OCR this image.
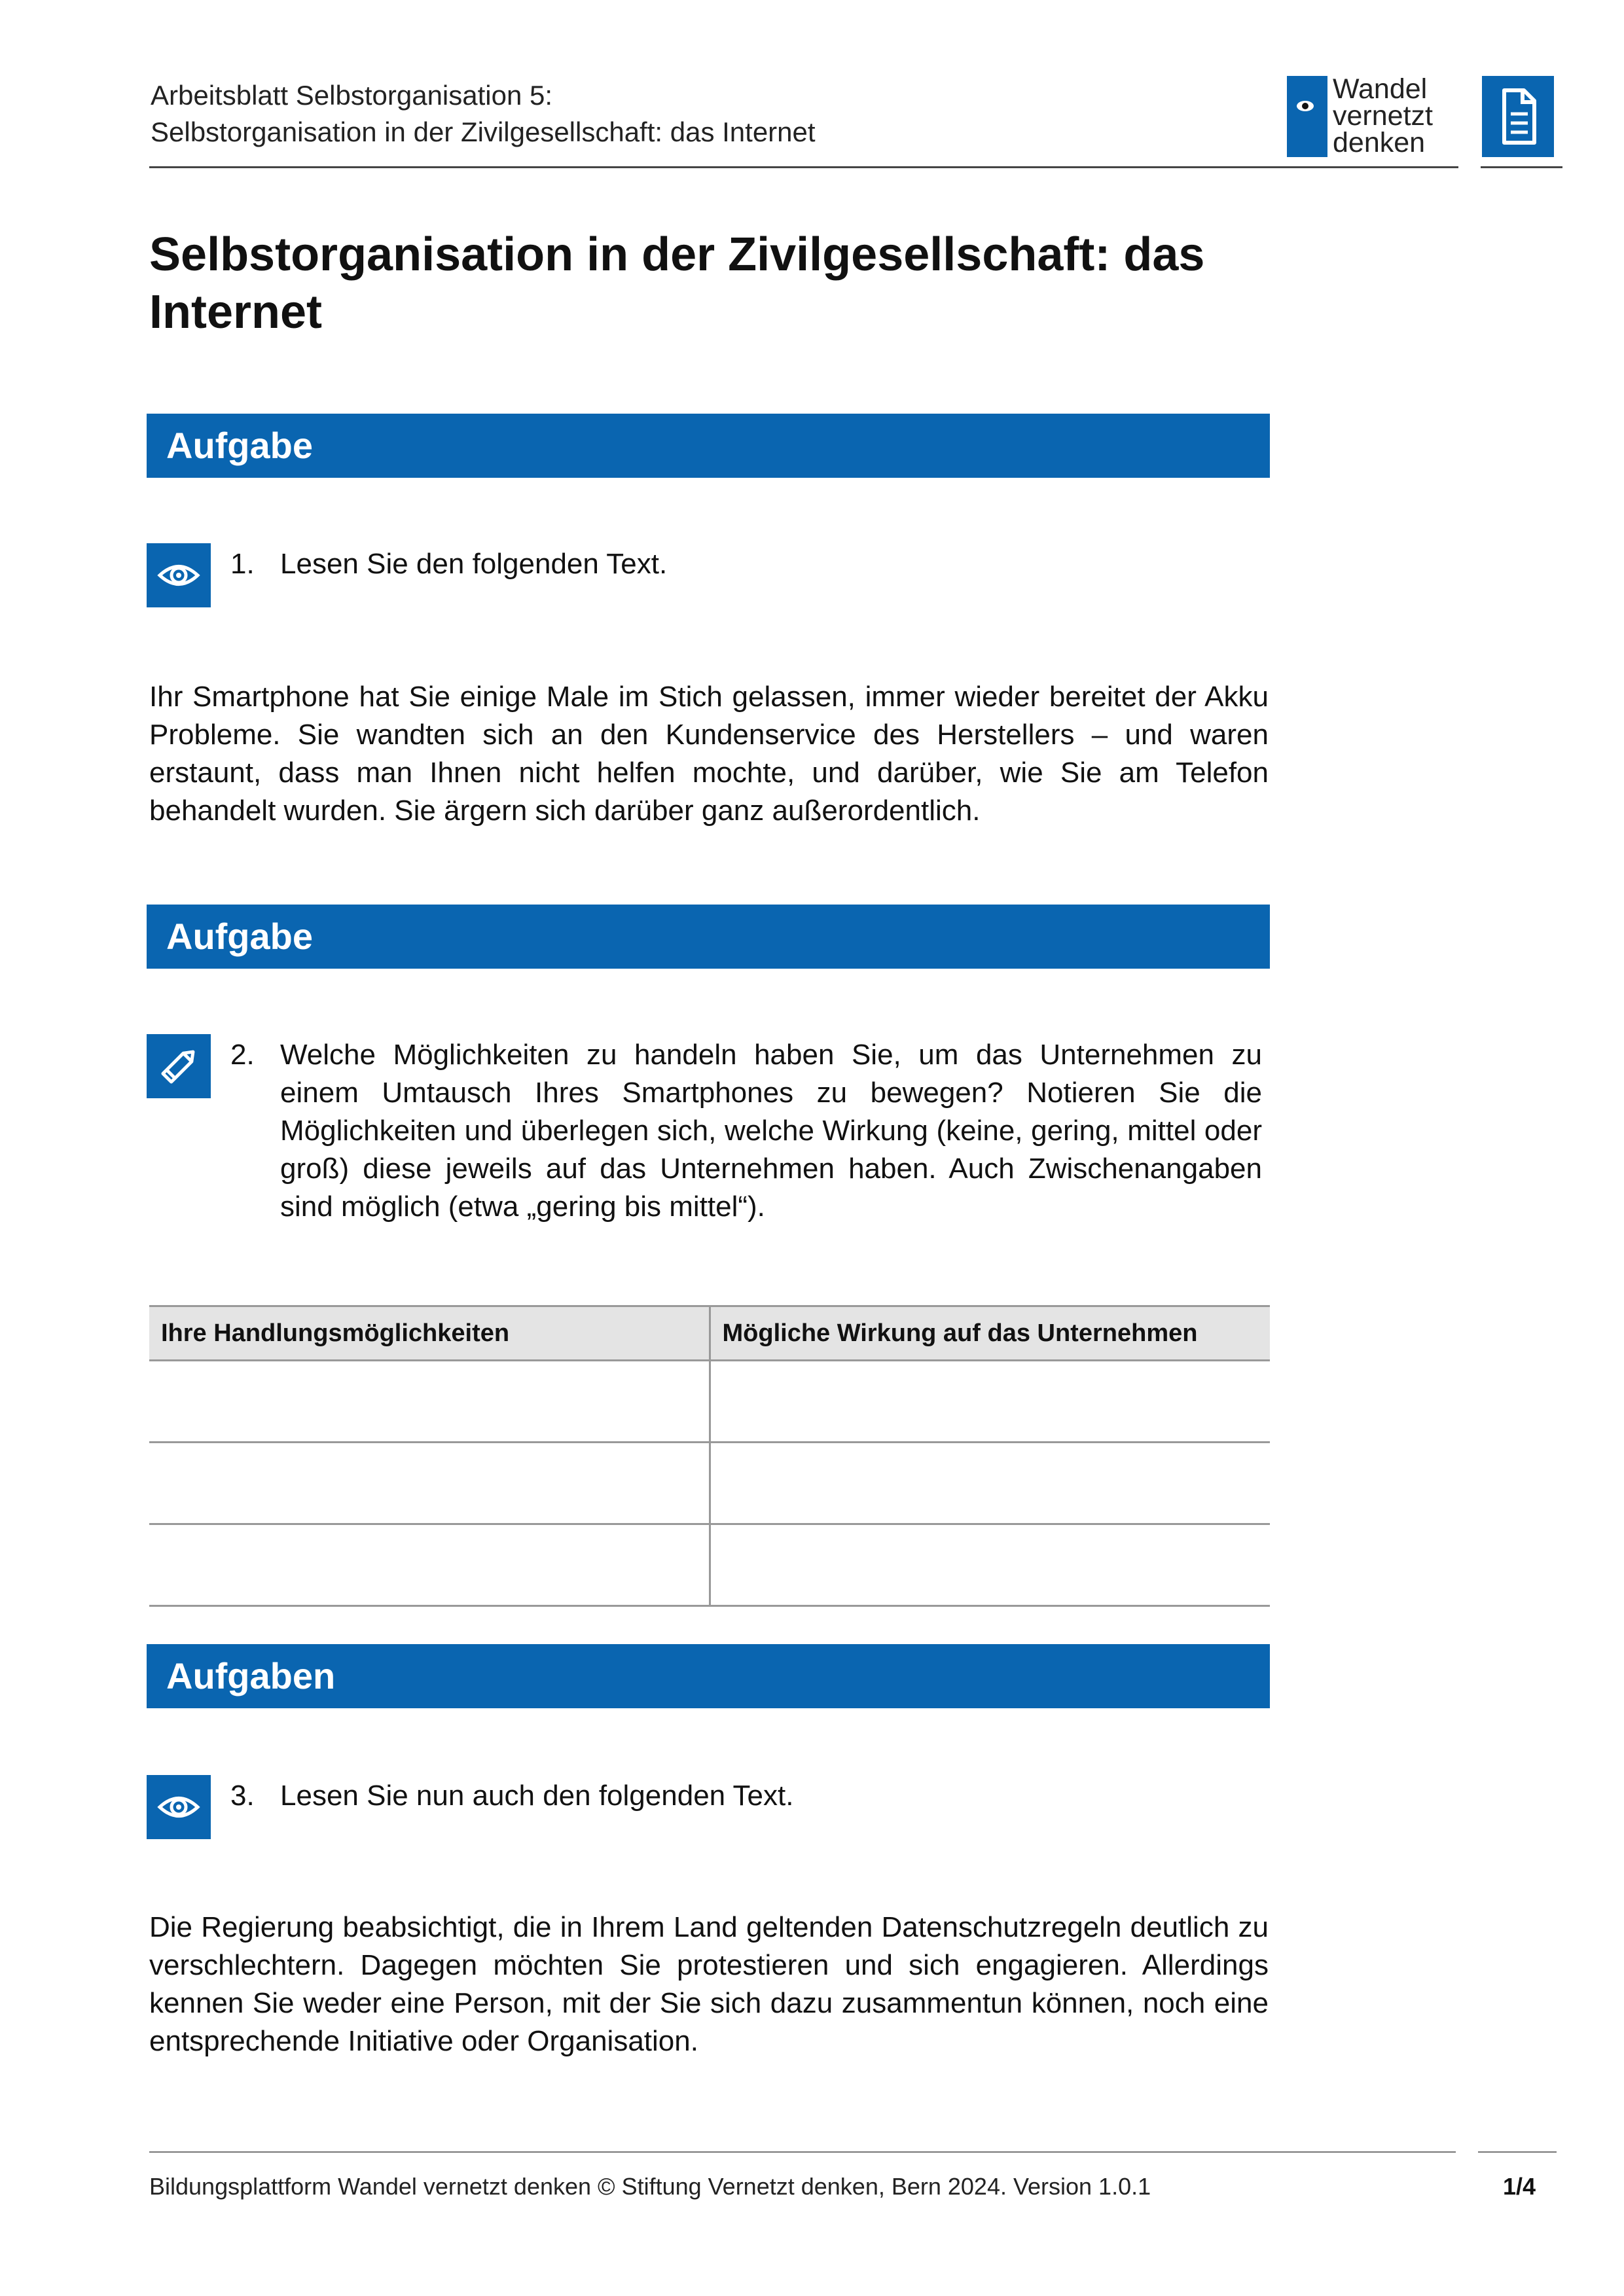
Arbeitsblatt Selbstorganisation 5:
Selbstorganisation in der Zivilgesellschaft: das Internet
Wandel
vernetzt
denken
Selbstorganisation in der Zivilgesellschaft: das Internet
Aufgabe
1. Lesen Sie den folgenden Text.
Ihr Smartphone hat Sie einige Male im Stich gelassen, immer wieder bereitet der Akku Probleme. Sie wandten sich an den Kundenservice des Herstellers – und waren erstaunt, dass man Ihnen nicht helfen mochte, und darüber, wie Sie am Telefon behandelt wurden. Sie ärgern sich darüber ganz außerordentlich.
Aufgabe
2. Welche Möglichkeiten zu handeln haben Sie, um das Unternehmen zu einem Umtausch Ihres Smartphones zu bewegen? Notieren Sie die Möglichkeiten und überlegen sich, welche Wirkung (keine, gering, mittel oder groß) diese jeweils auf das Unternehmen haben. Auch Zwischenangaben sind möglich (etwa „gering bis mittel“).
Ihre Handlungsmöglichkeiten	Mögliche Wirkung auf das Unternehmen

Aufgaben
3. Lesen Sie nun auch den folgenden Text.
Die Regierung beabsichtigt, die in Ihrem Land geltenden Datenschutzregeln deutlich zu verschlechtern. Dagegen möchten Sie protestieren und sich engagieren. Allerdings kennen Sie weder eine Person, mit der Sie sich dazu zusammentun können, noch eine entsprechende Initiative oder Organisation.
Bildungsplattform Wandel vernetzt denken © Stiftung Vernetzt denken, Bern 2024. Version 1.0.1	1/4
